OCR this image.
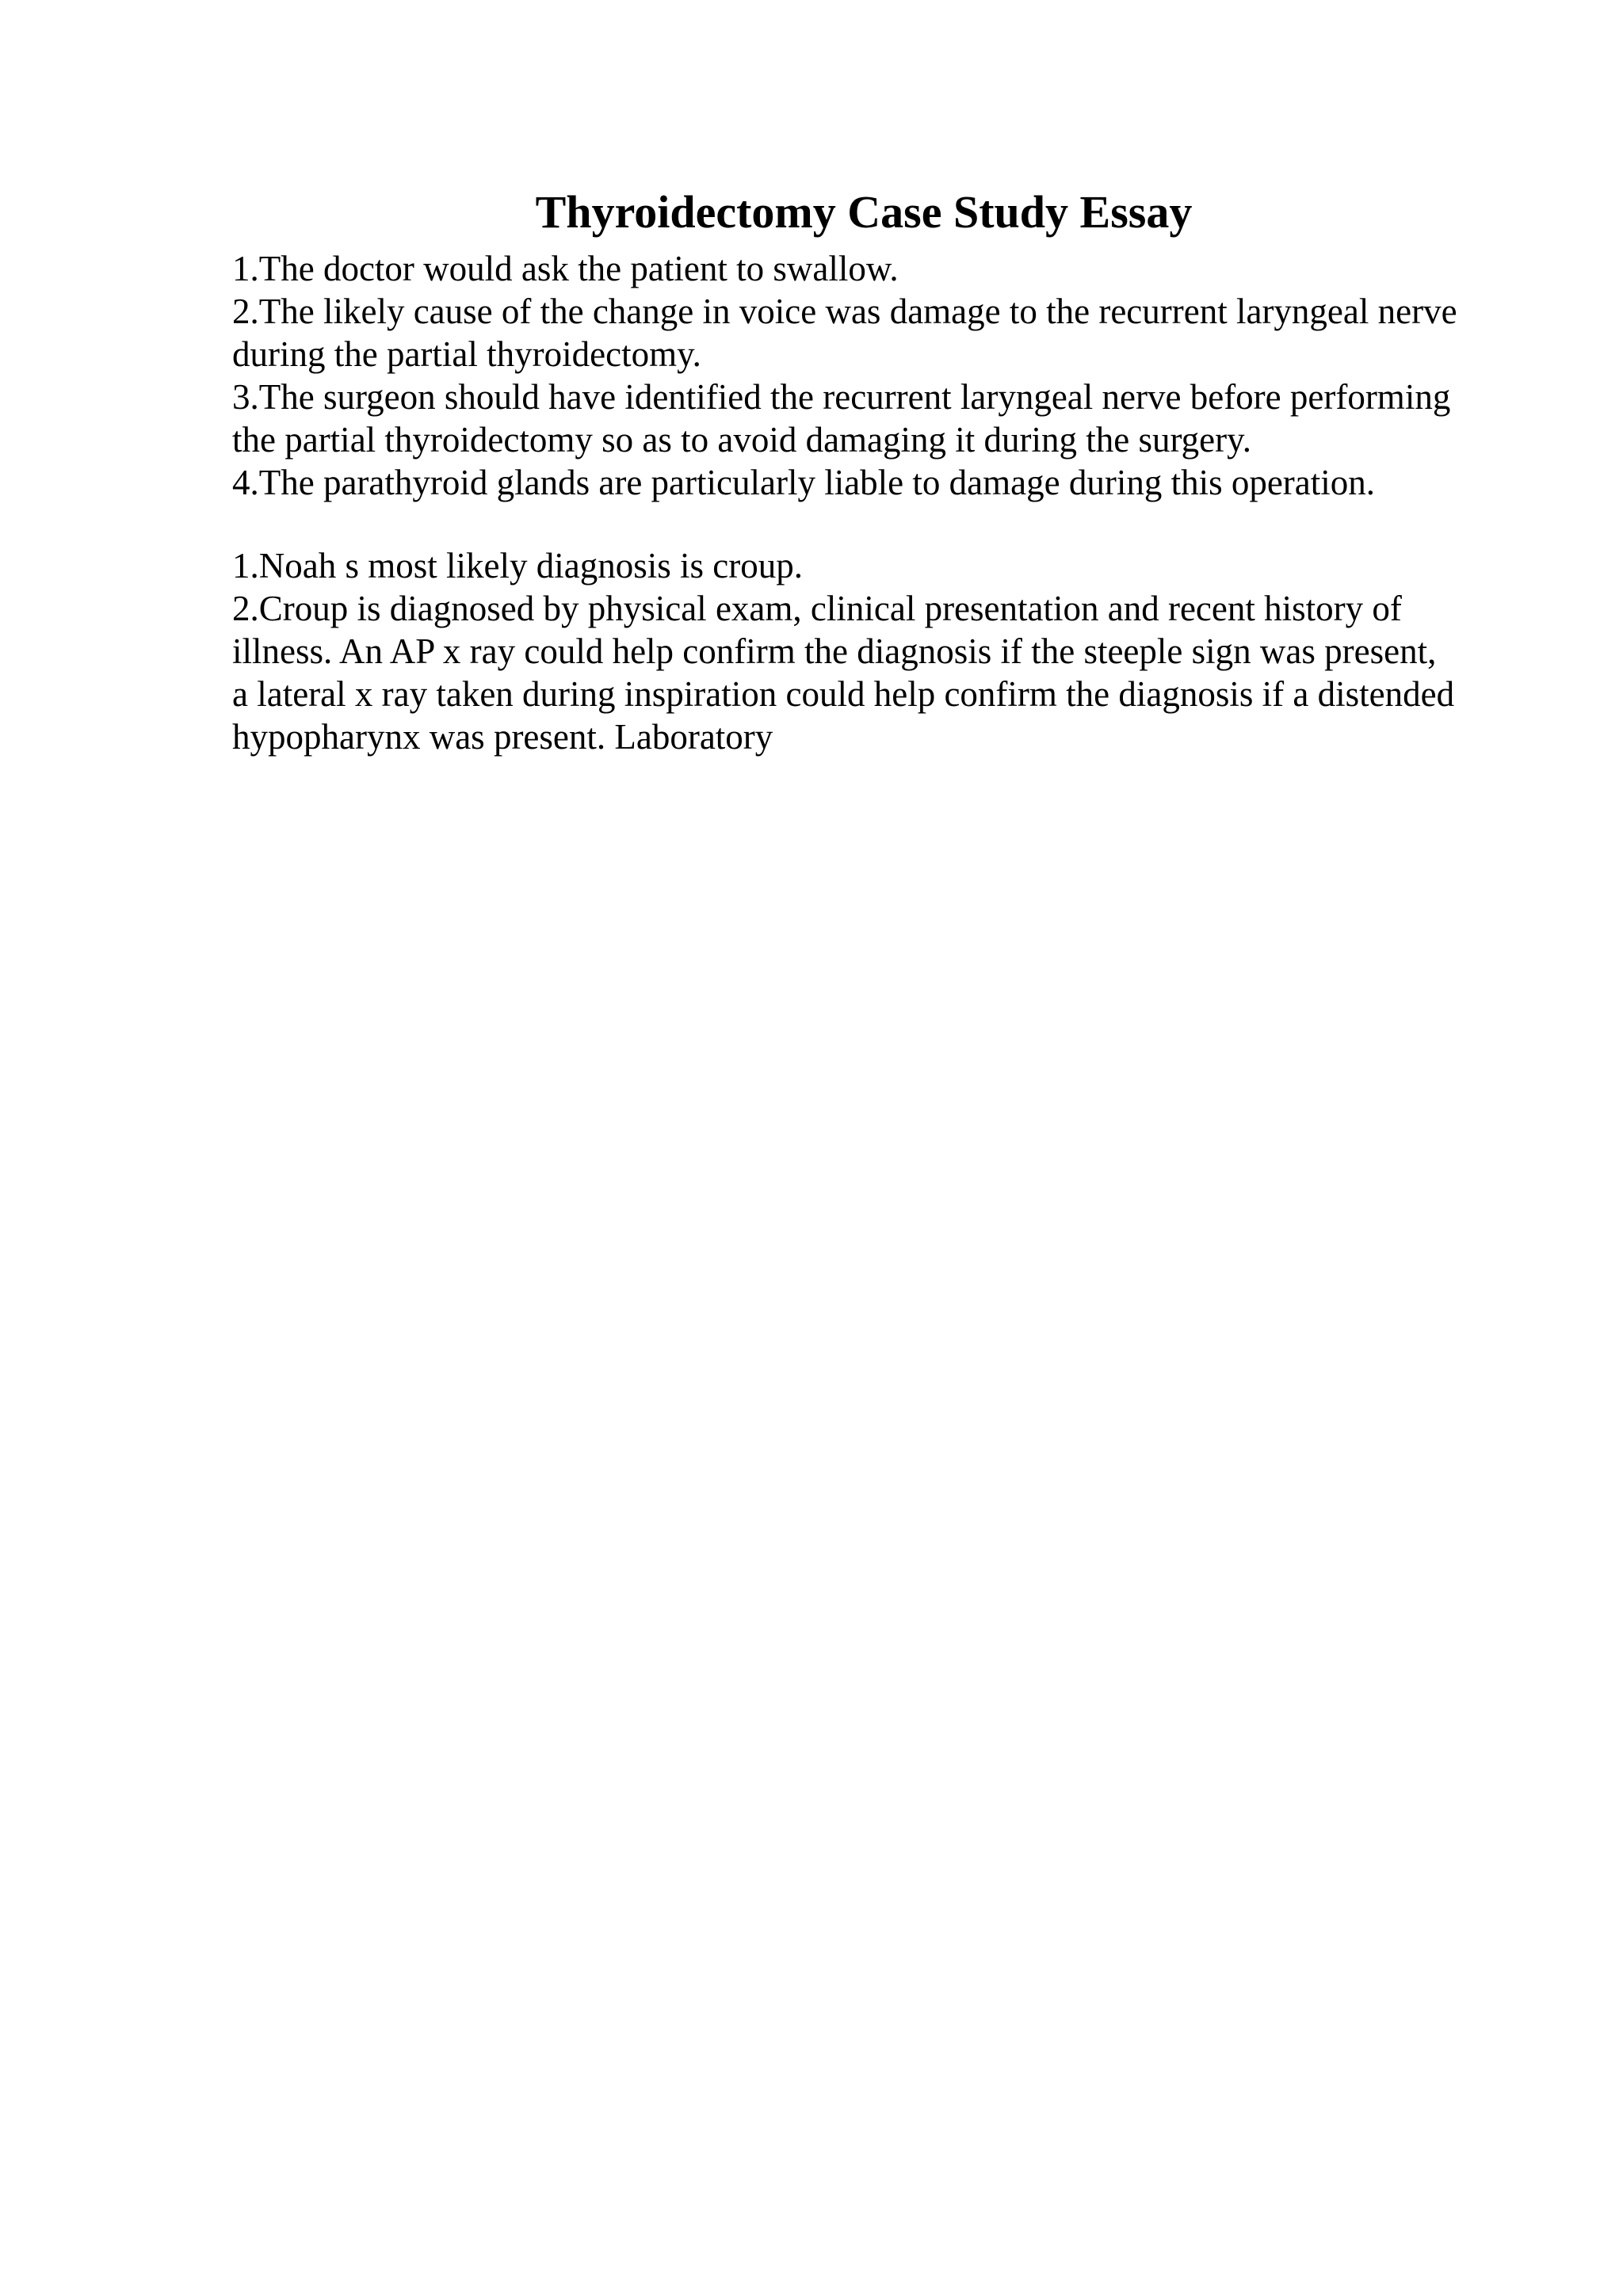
Thyroidectomy Case Study Essay
1.The doctor would ask the patient to swallow.
2.The likely cause of the change in voice was damage to the recurrent laryngeal nerve
during the partial thyroidectomy.
3.The surgeon should have identified the recurrent laryngeal nerve before performing
the partial thyroidectomy so as to avoid damaging it during the surgery.
4.The parathyroid glands are particularly liable to damage during this operation.
1.Noah s most likely diagnosis is croup.
2.Croup is diagnosed by physical exam, clinical presentation and recent history of
illness. An AP x ray could help confirm the diagnosis if the steeple sign was present,
a lateral x ray taken during inspiration could help confirm the diagnosis if a distended
hypopharynx was present. Laboratory
